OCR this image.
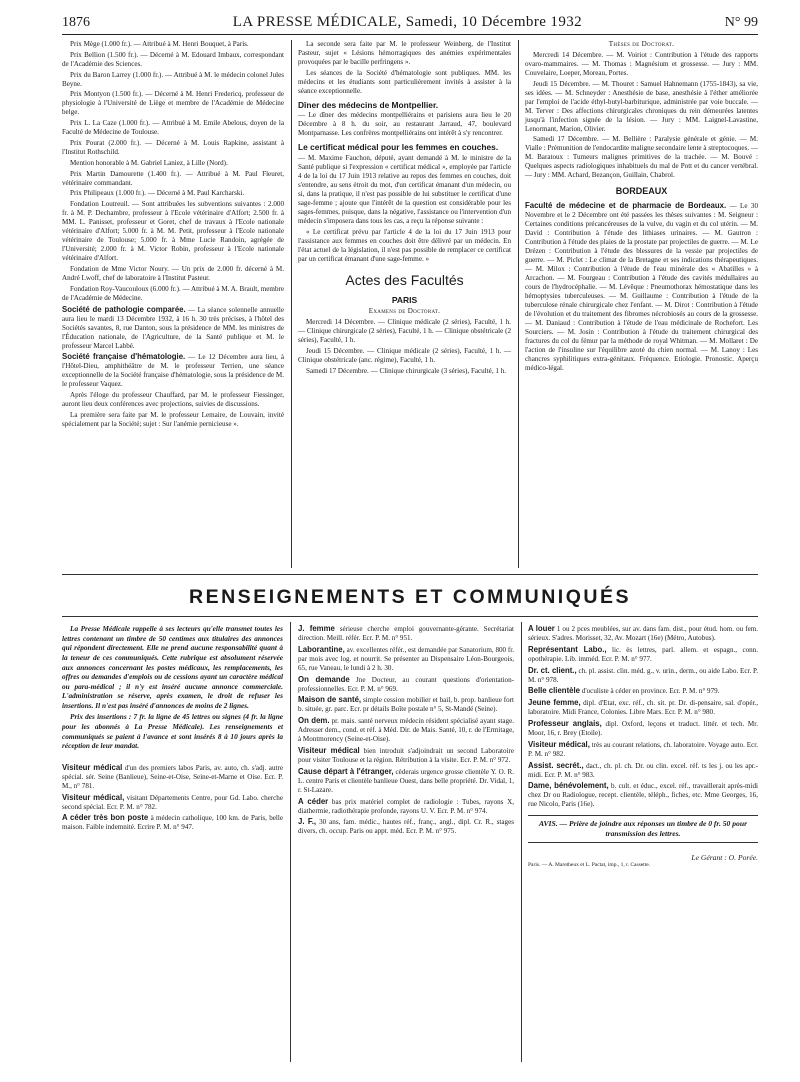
1876	LA PRESSE MÉDICALE, Samedi, 10 Décembre 1932	N° 99

Prix Mège (1.000 fr.). — Attribué à M. Henri Bouquet, à Paris.

Prix Bellion (1.500 fr.). — Décerné à M. Edouard Imbaux, correspondant de l'Académie des Sciences.

Prix du Baron Larrey (1.000 fr.). — Attribué à M. le médecin colonel Jules Beyne.

Prix Montyon (1.500 fr.). — Décerné à M. Henri Fredericq, professeur de physiologie à l'Université de Liège et membre de l'Académie de Médecine belge.

Prix L. La Caze (1.000 fr.). — Attribué à M. Emile Abelous, doyen de la Faculté de Médecine de Toulouse.

Prix Pourat (2.000 fr.). — Décerné à M. Louis Rapkine, assistant à l'Institut Rothschild.

Mention honorable à M. Gabriel Laniez, à Lille (Nord).

Prix Martin Damourette (1.400 fr.). — Attribué à M. Paul Fleuret, vétérinaire commandant.

Prix Philipeaux (1.000 fr.). — Décerné à M. Paul Karcharski.

Fondation Loutreuil. — Sont attribuées les subventions suivantes : 2.000 fr. à M. P. Dechambre, professeur à l'Ecole vétérinaire d'Alfort; 2.500 fr. à MM. L. Panisset, professeur et Goret, chef de travaux à l'Ecole nationale vétérinaire d'Alfort; 5.000 fr. à M. M. Petit, professeur à l'Ecole nationale vétérinaire de Toulouse; 5.000 fr. à Mme Lucie Randoin, agrégée de l'Université; 2.000 fr. à M. Victor Robin, professeur à l'Ecole nationale vétérinaire d'Alfort.

Fondation de Mme Victor Noury. — Un prix de 2.000 fr. décerné à M. André Lwoff, chef de laboratoire à l'Institut Pasteur.

Fondation Roy-Vaucouloux (6.000 fr.). — Attribué à M. A. Brault, membre de l'Académie de Médecine.

Société de pathologie comparée. — La séance solennelle annuelle aura lieu le mardi 13 Décembre 1932, à 16 h. 30 très précises, à l'hôtel des Sociétés savantes, 8, rue Danton, sous la présidence de MM. les ministres de l'Éducation nationale, de l'Agriculture, de la Santé publique et M. le professeur Marcel Labbé.

Société française d'hématologie. — Le 12 Décembre aura lieu, à l'Hôtel-Dieu, amphithéâtre de M. le professeur Terrien, une séance exceptionnelle de la Société française d'hématologie, sous la présidence de M. le professeur Vaquez.

Après l'éloge du professeur Chauffard, par M. le professeur Fiessinger, auront lieu deux conférences avec projections, suivies de discussions.

La première sera faite par M. le professeur Lemaire, de Louvain, invité spécialement par la Société; sujet : Sur l'anémie pernicieuse ».

La seconde sera faite par M. le professeur Weinberg, de l'Institut Pasteur, sujet « Lésions hémorragiques des anémies expérimentales provoquées par le bacille perfringens ».

Les séances de la Société d'hématologie sont publiques. MM. les médecins et les étudiants sont particulièrement invités à assister à la séance exceptionnelle.

Dîner des médecins de Montpellier.

— Le dîner des médecins montpelliérains et parisiens aura lieu le 20 Décembre à 8 h. du soir, au restaurant Jarraud, 47, boulevard Montparnasse. Les confrères montpelliérains ont intérêt à s'y rencontrer.

Le certificat médical pour les femmes en couches.

— M. Maxime Fauchon, député, ayant demandé à M. le ministre de la Santé publique si l'expression « certificat médical », employée par l'article 4 de la loi du 17 Juin 1913 relative au repos des femmes en couches, doit s'entendre, au sens étroit du mot, d'un certificat émanant d'un médecin, ou si, dans la pratique, il n'est pas possible de lui substituer le certificat d'une sage-femme ; ajoute que l'intérêt de la question est considérable pour les sages-femmes, puisque, dans la négative, l'assistance ou l'intervention d'un médecin s'imposera dans tous les cas, a reçu la réponse suivante :

« Le certificat prévu par l'article 4 de la loi du 17 Juin 1913 pour l'assistance aux femmes en couches doit être délivré par un médecin. En l'état actuel de la législation, il n'est pas possible de remplacer ce certificat par un certificat émanant d'une sage-femme. »

Actes des Facultés
PARIS

Examens de Doctorat.

Mercredi 14 Décembre. — Clinique médicale (2 séries), Faculté, 1 h. — Clinique chirurgicale (2 séries), Faculté, 1 h. — Clinique obstétricale (2 séries), Faculté, 1 h.

Jeudi 15 Décembre. — Clinique médicale (2 séries), Faculté, 1 h. — Clinique obstétricale (anc. régime), Faculté, 1 h.

Samedi 17 Décembre. — Clinique chirurgicale (3 séries), Faculté, 1 h.

Thèses de Doctorat.

Mercredi 14 Décembre. — M. Voiriot : Contribution à l'étude des rapports ovaro-mammaires. — M. Thomas : Magnésium et grossesse. — Jury : MM. Couvelaire, Loeper, Moreau, Portes.

Jeudi 15 Décembre. — M. Thouret : Samuel Hahnemann (1755-1843), sa vie, ses idées. — M. Schneyder : Anesthésie de base, anesthésie à l'éther améliorée par l'emploi de l'acide éthyl-butyl-barbiturique, administrée par voie buccale. — M. Terver : Des affections chirurgicales chroniques du rein démeurées latentes jusqu'à l'infection signée de la lésion. — Jury : MM. Laignel-Lavastine, Lenormant, Marion, Olivier.

Samedi 17 Décembre. — M. Bellière : Paralysie générale et génie. — M. Vialle : Prémunition de l'endocardite maligne secondaire lente à streptocoques. — M. Baratoux : Tumeurs malignes primitives de la trachée. — M. Bouvé : Quelques aspects radiologiques inhabituels du mal de Pott et du cancer vertébral. — Jury : MM. Achard, Bezançon, Guillain, Chabrol.

BORDEAUX

Faculté de médecine et de pharmacie de Bordeaux. — Le 30 Novembre et le 2 Décembre ont été passées les thèses suivantes : M. Seigneur : Certaines conditions précancéreuses de la vulve, du vagin et du col utérin. — M. David : Contribution à l'étude des lithiases urinaires. — M. Gautron : Contribution à l'étude des plaies de la prostate par projectiles de guerre. — M. Le Drézen : Contribution à l'étude des blessures de la vessie par projectiles de guerre. — M. Piclet : Le climat de la Bretagne et ses indications thérapeutiques. — M. Milox : Contribution à l'étude de l'eau minérale des « Abatilles » à Arcachon. — M. Fourgeau : Contribution à l'étude des cavités médullaires au cours de l'hydrocéphalie. — M. Lévêque : Pneumothorax hémostatique dans les hémoptysies tuberculeuses. — M. Guillaume : Contribution à l'étude de la tuberculose rénale chirurgicale chez l'enfant. — M. Dirot : Contribution à l'étude de l'évolution et du traitement des fibromes nécrobiosés au cours de la grossesse. — M. Daniaud : Contribution à l'étude de l'eau médicinale de Rochefort. Les Sourciers. — M. Josin : Contribution à l'étude du traitement chirurgical des fractures du col du fémur par la méthode de royal Whitman. — M. Mollaret : De l'action de l'insuline sur l'équilibre azoté du chien normal. — M. Lanoy : Les chancres syphilitiques extra-génitaux. Fréquence. Etiologie. Pronostic. Aperçu médico-légal.

RENSEIGNEMENTS ET COMMUNIQUÉS

La Presse Médicale rappelle à ses lecteurs qu'elle transmet toutes les lettres contenant un timbre de 50 centimes aux titulaires des annonces qui répondent directement. Elle ne prend aucune responsabilité quant à la teneur de ces communiqués. Cette rubrique est absolument réservée aux annonces concernant les postes médicaux, les remplacements, les offres ou demandes d'emplois ou de cessions ayant un caractère médical ou para-médical ; il n'y est inséré aucune annonce commerciale. L'administration se réserve, après examen, le droit de refuser les insertions. Il n'est pas inséré d'annonces de moins de 2 lignes.

Prix des insertions : 7 fr. la ligne de 45 lettres ou signes (4 fr. la ligne pour les abonnés à La Presse Médicale). Les renseignements et communiqués se paient à l'avance et sont insérés 8 à 10 jours après la réception de leur mandat.

Visiteur médical d'un des premiers labos Paris, av. auto, ch. s'adj. autre spécial. sér. Seine (Banlieue), Seine-et-Oise, Seine-et-Marne et Oise. Ecr. P. M., n° 781.

Visiteur médical, visitant Départements Centre, pour Gd. Labo. cherche second spécial. Ecr. P. M. n° 782.

A céder très bon poste à médecin catholique, 100 km. de Paris, belle maison. Faible indemnité. Ecrire P. M. n° 947.

J. femme sérieuse cherche emploi gouvernante-gérante. Secrétariat direction. Meill. référ. Ecr. P. M. n° 951.

Laborantine, av. excellentes référ., est demandée par Sanatorium, 800 fr. par mois avec log. et nourrit. Se présenter au Dispensaire Léon-Bourgeois, 65, rue Vaneau, le lundi à 2 h. 30.

On demande Jne Docteur, au courant questions d'orientation-professionnelles. Ecr. P. M. n° 969.

Maison de santé, simple cession mobilier et bail, b. prop. banlieue fort b. située, gr. parc. Ecr. pr détails Boîte postale n° 5, St-Mandé (Seine).

On dem. pr. mais. santé nerveux médecin résident spécialisé ayant stage. Adresser dem., cond. et réf. à Méd. Dir. de Mais. Santé, 10, r. de l'Ermitage, à Montmorency (Seine-et-Oise).

Visiteur médical bien introduit s'adjoindrait un second Laboratoire pour visiter Toulouse et la région. Rétribution à la visite. Ecr. P. M. n° 972.

Cause départ à l'étranger, cèderais urgence grosse clientèle Y. O. R. L. centre Paris et clientèle banlieue Ouest, dans belle propriété. Dr. Vidal, 1, r. St-Lazare.

A céder bas prix matériel complet de radiologie : Tubes, rayons X, diathermie, radiothérapie profonde, rayons U. V. Ecr. P. M. n° 974.

J. F., 30 ans, fam. médic., hautes réf., franç., angl., dipl. Cr. R., stages divers, ch. occup. Paris ou appt. méd. Ecr. P. M. n° 975.

A louer 1 ou 2 pces meublées, sur av. dans fam. dist., pour étud. hom. ou fem. sérieux. S'adres. Morisset, 32, Av. Mozart (16e) (Métro, Autobus).

Représentant Labo., lic. ès lettres, parl. allem. et espagn., conn. opothérapie. Lib. imméd. Ecr. P. M. n° 977.

Dr. ct. client., ch. pl. assist. clin. méd. g., v. urin., derm., ou aide Labo. Ecr. P. M. n° 978.

Belle clientèle d'oculiste à céder en province. Ecr. P. M. n° 979.

Jeune femme, dipl. d'Etat, exc. réf., ch. sit. pr. Dr. di-pensaire, sal. d'opér., laboratoire. Midi France, Colonies. Libre Mars. Ecr. P. M. n° 980.

Professeur anglais, dipl. Oxford, leçons et traduct. littér. et tech. Mr. Moor, 16, r. Brey (Etoile).

Visiteur médical, très au courant relations, ch. laboratoire. Voyage auto. Ecr. P. M. n° 982.

Assist. secrét., dact., ch. pl. ch. Dr. ou clin. excel. réf. ts les j. ou les apr.-midi. Ecr. P. M. n° 983.

Dame, bénévolement, b. cult. et éduc., excel. réf., travaillerait après-midi chez Dr ou Radiologue, recept. clientèle, téléph., fiches, etc. Mme Georges, 16, rue Nicolo, Paris (16e).

AVIS. — Prière de joindre aux réponses un timbre de 0 fr. 50 pour transmission des lettres.
Le Gérant : O. Porée.

Paris. — A. Maretheux et L. Pactat, imp., 1, r. Cassette.
